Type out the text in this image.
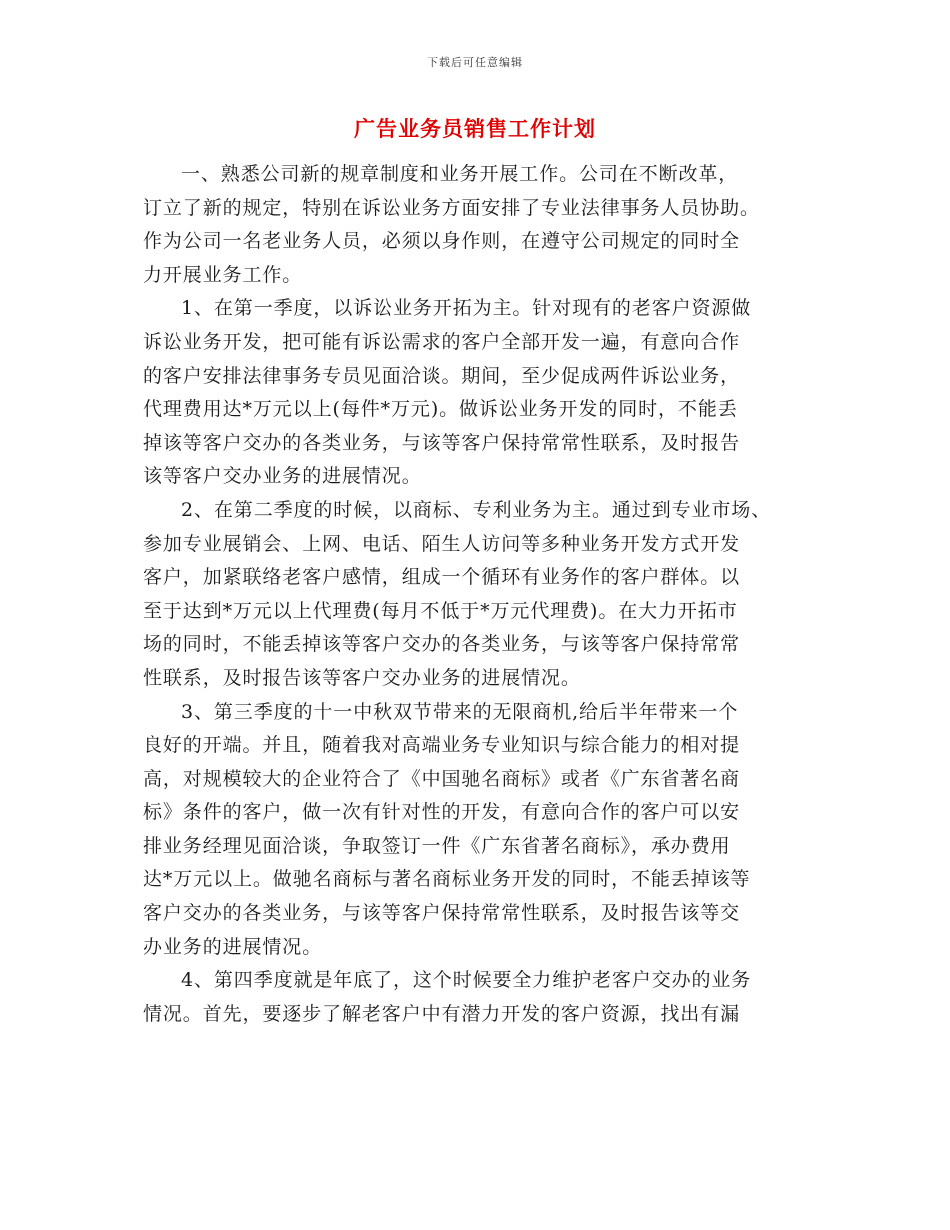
下载后可任意编辑
广告业务员销售工作计划

一、熟悉公司新的规章制度和业务开展工作。公司在不断改革，
订立了新的规定，特别在诉讼业务方面安排了专业法律事务人员协助。
作为公司一名老业务人员，必须以身作则，在遵守公司规定的同时全
力开展业务工作。

1、在第一季度，以诉讼业务开拓为主。针对现有的老客户资源做
诉讼业务开发，把可能有诉讼需求的客户全部开发一遍，有意向合作
的客户安排法律事务专员见面洽谈。期间，至少促成两件诉讼业务，
代理费用达*万元以上(每件*万元)。做诉讼业务开发的同时，不能丢
掉该等客户交办的各类业务，与该等客户保持常常性联系，及时报告
该等客户交办业务的进展情况。

2、在第二季度的时候，以商标、专利业务为主。通过到专业市场、
参加专业展销会、上网、电话、陌生人访问等多种业务开发方式开发
客户，加紧联络老客户感情，组成一个循环有业务作的客户群体。以
至于达到*万元以上代理费(每月不低于*万元代理费)。在大力开拓市
场的同时，不能丢掉该等客户交办的各类业务，与该等客户保持常常
性联系，及时报告该等客户交办业务的进展情况。

3、第三季度的十一中秋双节带来的无限商机,给后半年带来一个
良好的开端。并且，随着我对高端业务专业知识与综合能力的相对提
高，对规模较大的企业符合了《中国驰名商标》或者《广东省著名商
标》条件的客户，做一次有针对性的开发，有意向合作的客户可以安
排业务经理见面洽谈，争取签订一件《广东省著名商标》，承办费用
达*万元以上。做驰名商标与著名商标业务开发的同时，不能丢掉该等
客户交办的各类业务，与该等客户保持常常性联系，及时报告该等交
办业务的进展情况。

4、第四季度就是年底了，这个时候要全力维护老客户交办的业务
情况。首先，要逐步了解老客户中有潜力开发的客户资源，找出有漏
